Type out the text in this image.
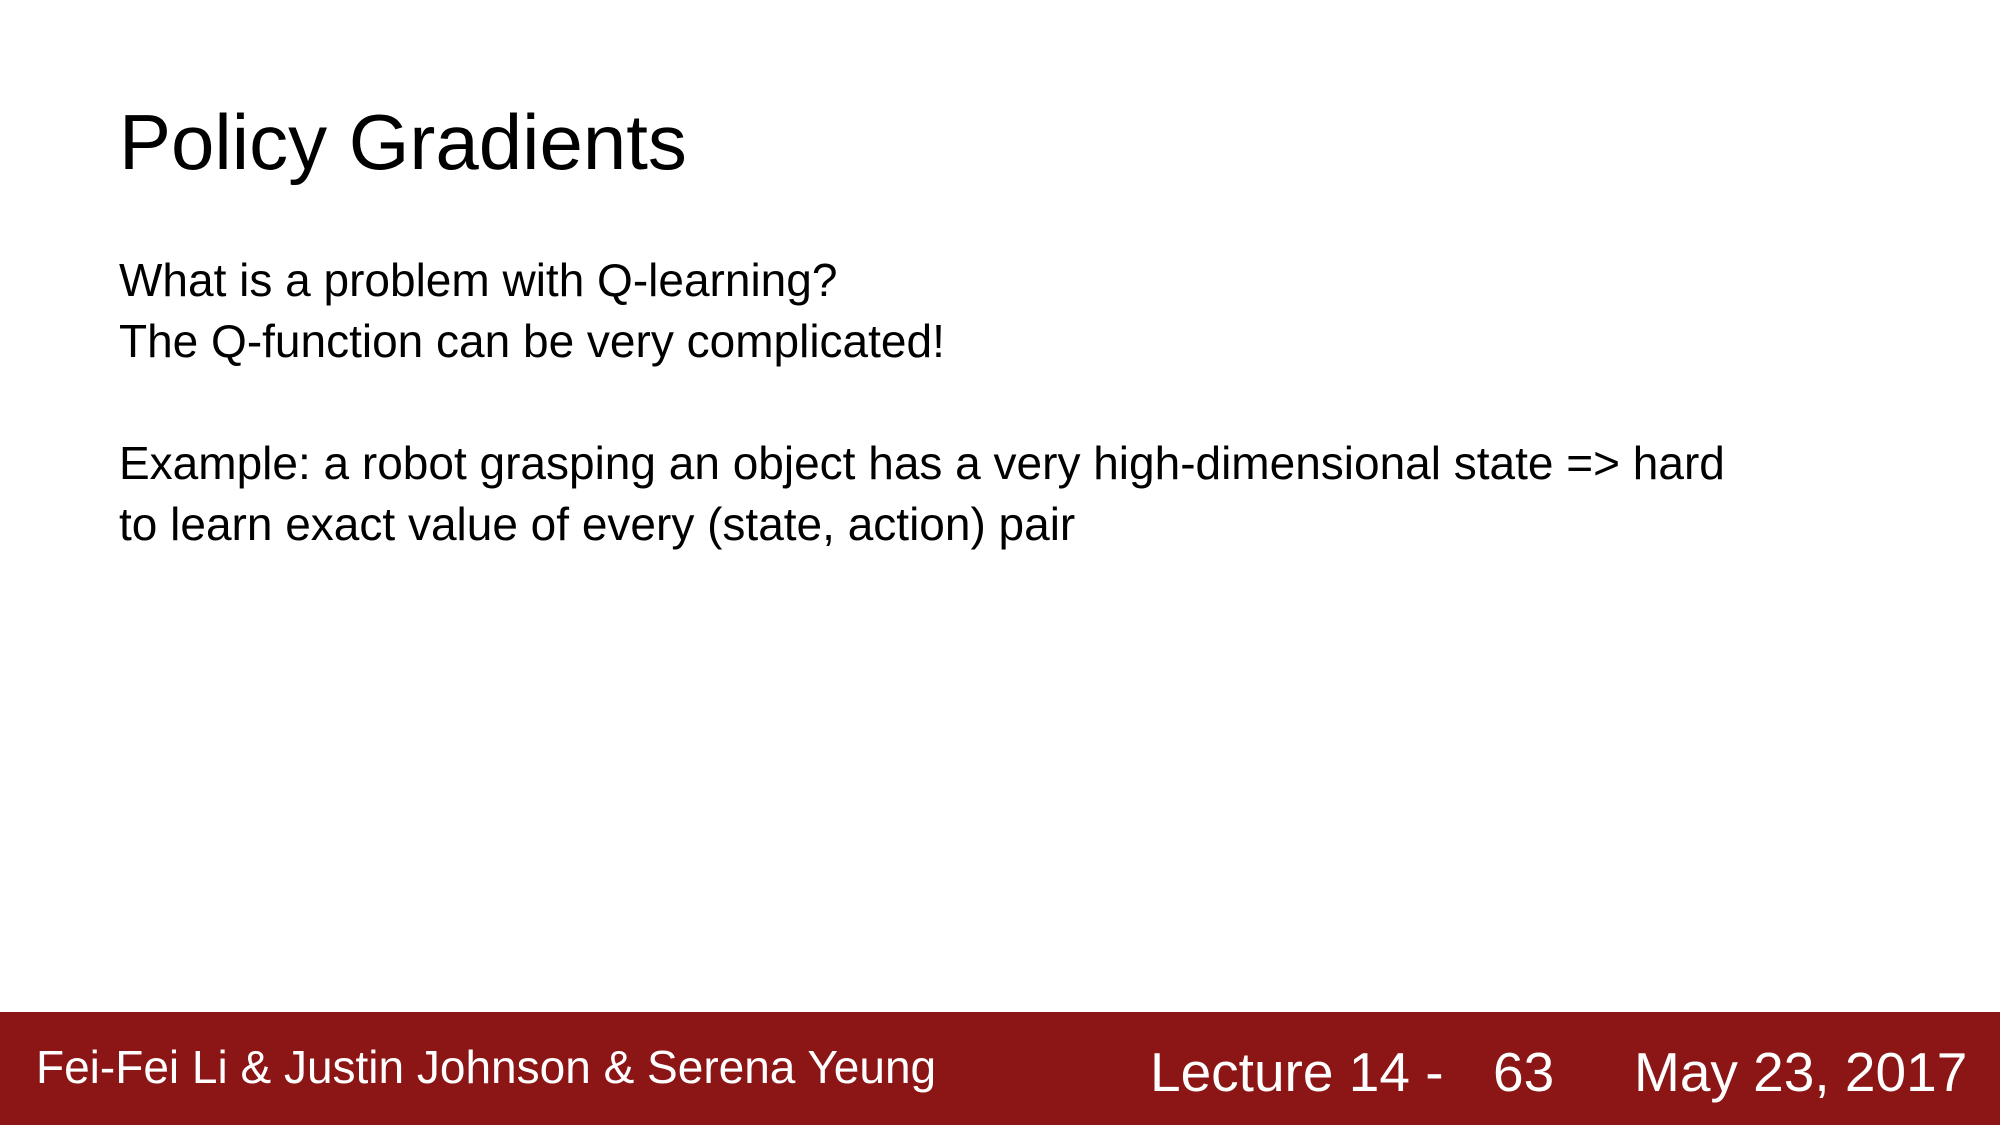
Policy Gradients
What is a problem with Q-learning?
The Q-function can be very complicated!
Example: a robot grasping an object has a very high-dimensional state => hard
to learn exact value of every (state, action) pair
Fei-Fei Li & Justin Johnson & Serena Yeung	Lecture 14 - 63 May 23, 2017
